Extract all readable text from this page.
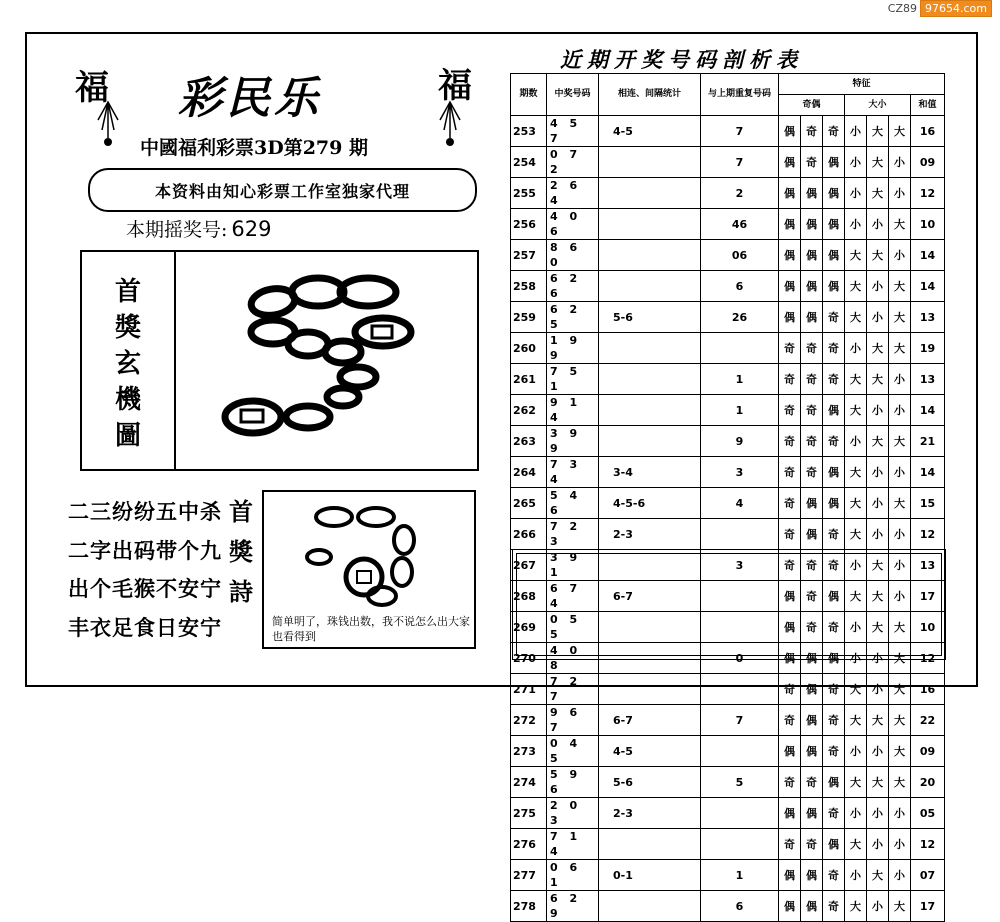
CZ89 97654.com
福	福
彩民乐
中國福利彩票3D第279 期
本资料由知心彩票工作室独家代理
本期摇奖号: 629
首
獎
玄
機
圖
二三纷纷五中杀
二字出码带个九
出个毛猴不安宁
丰衣足食日安宁
首
獎
詩
简单明了，珠钱出数，我不说怎么出大家也看得到
近期开奖号码剖析表
期数	中奖号码	相连、间隔统计	与上期重复号码	特征						
				奇偶			大小			和值
253	4 5 7	4-5	7	偶	奇	奇	小	大	大	16
254	0 7 2		7	偶	奇	偶	小	大	小	09
255	2 6 4		2	偶	偶	偶	小	大	小	12
256	4 0 6		46	偶	偶	偶	小	小	大	10
257	8 6 0		06	偶	偶	偶	大	大	小	14
258	6 2 6		6	偶	偶	偶	大	小	大	14
259	6 2 5	5-6	26	偶	偶	奇	大	小	大	13
260	1 9 9			奇	奇	奇	小	大	大	19
261	7 5 1		1	奇	奇	奇	大	大	小	13
262	9 1 4		1	奇	奇	偶	大	小	小	14
263	3 9 9		9	奇	奇	奇	小	大	大	21
264	7 3 4	3-4	3	奇	奇	偶	大	小	小	14
265	5 4 6	4-5-6	4	奇	偶	偶	大	小	大	15
266	7 2 3	2-3		奇	偶	奇	大	小	小	12
267	3 9 1		3	奇	奇	奇	小	大	小	13
268	6 7 4	6-7		偶	奇	偶	大	大	小	17
269	0 5 5			偶	奇	奇	小	大	大	10
270	4 0 8		0	偶	偶	偶	小	小	大	12
271	7 2 7			奇	偶	奇	大	小	大	16
272	9 6 7	6-7	7	奇	偶	奇	大	大	大	22
273	0 4 5	4-5		偶	偶	奇	小	小	大	09
274	5 9 6	5-6	5	奇	奇	偶	大	大	大	20
275	2 0 3	2-3		偶	偶	奇	小	小	小	05
276	7 1 4			奇	奇	偶	大	小	小	12
277	0 6 1	0-1	1	偶	偶	奇	小	大	小	07
278	6 2 9		6	偶	偶	奇	大	小	大	17
